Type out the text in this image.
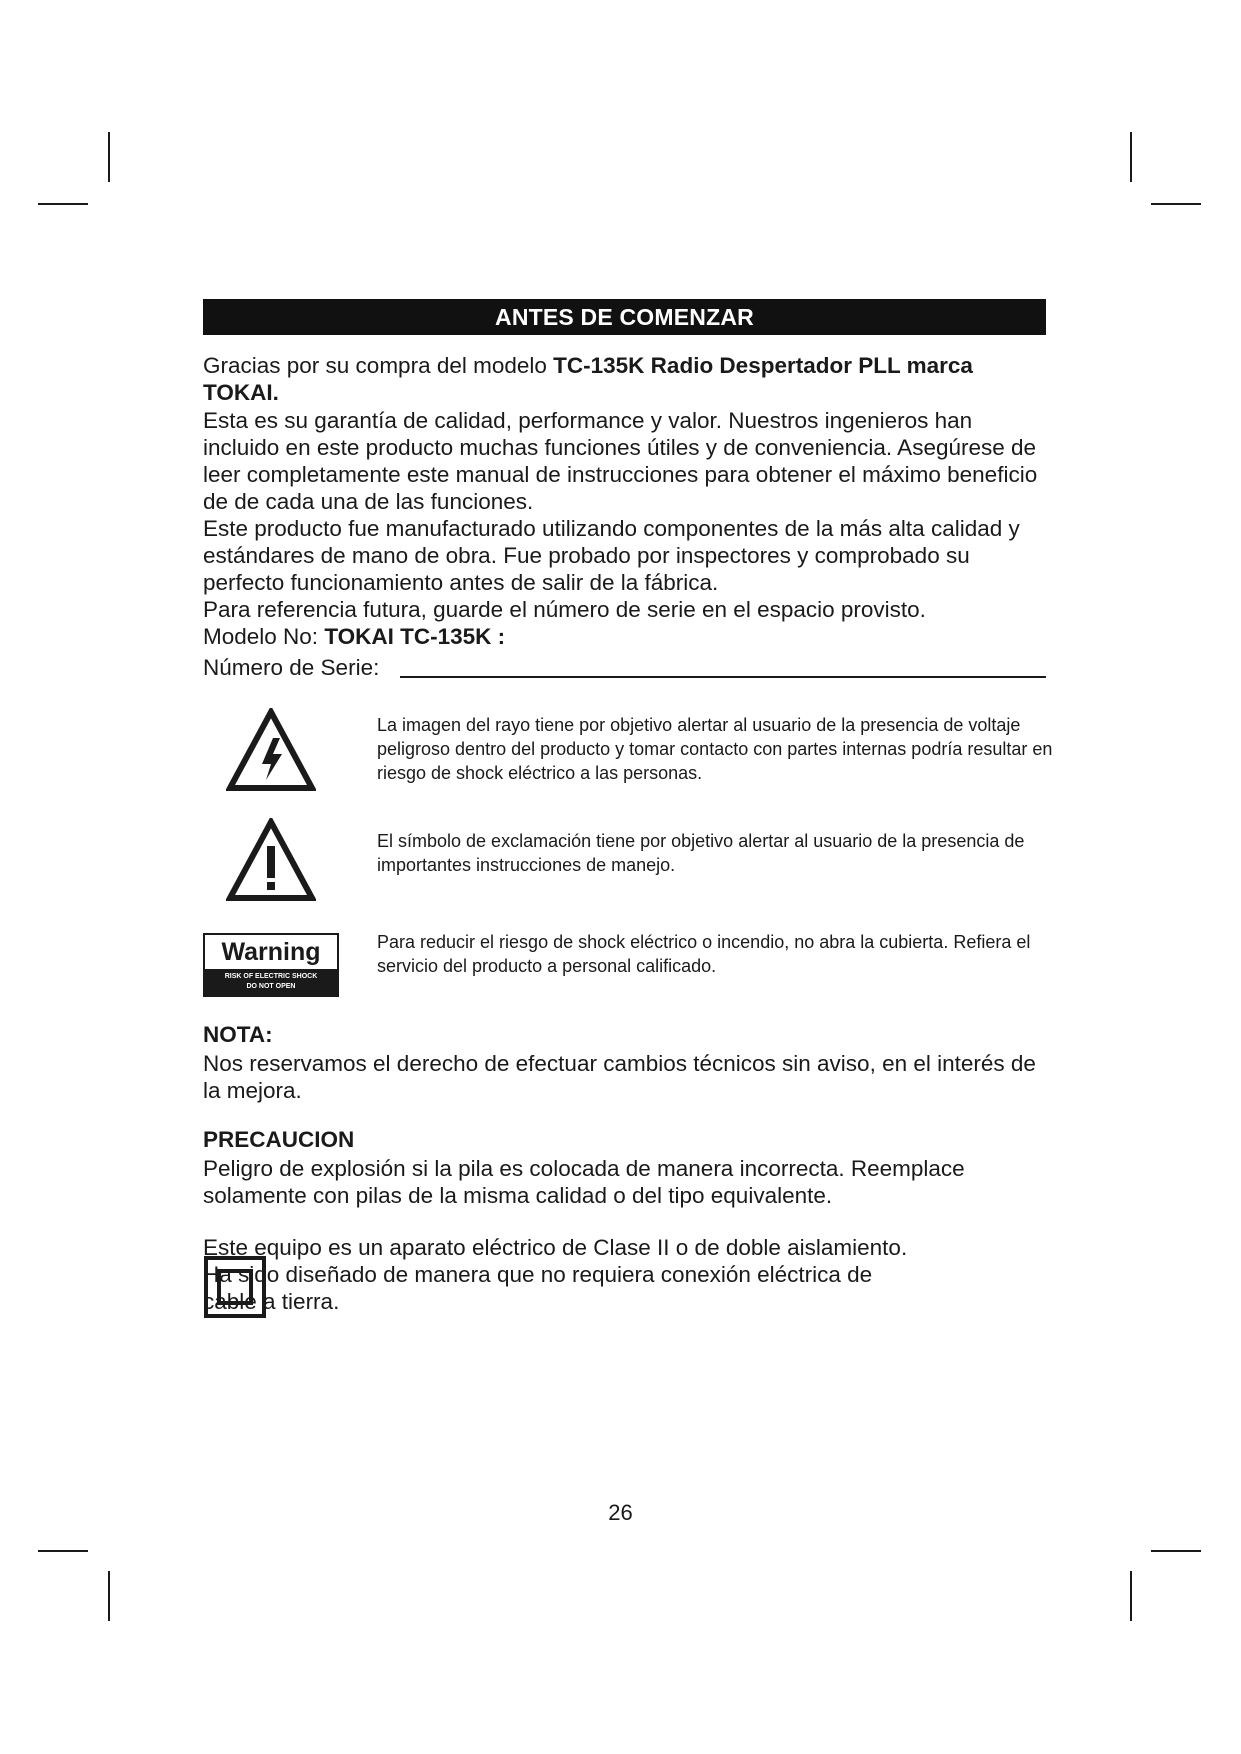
ANTES DE COMENZAR

Gracias por su compra del modelo TC-135K Radio Despertador PLL marca TOKAI.

Esta es su garantía de calidad, performance y valor. Nuestros ingenieros han incluido en este producto muchas funciones útiles y de conveniencia. Asegúrese de leer completamente este manual de instrucciones para obtener el máximo beneficio de de cada una de las funciones.

Este producto fue manufacturado utilizando componentes de la más alta calidad y estándares de mano de obra. Fue probado por inspectores y comprobado su perfecto funcionamiento antes de salir de la fábrica.

Para referencia futura, guarde el número de serie en el espacio provisto.

Modelo No: TOKAI TC-135K :

Número de Serie:

La imagen del rayo tiene por objetivo alertar al usuario de la presencia de voltaje peligroso dentro del producto y tomar contacto con partes internas podría resultar en riesgo de shock eléctrico a las personas.

El símbolo de exclamación tiene por objetivo alertar al usuario de la presencia de importantes instrucciones de manejo.

Warning
RISK OF ELECTRIC SHOCK
DO NOT OPEN

Para reducir el riesgo de shock eléctrico o incendio, no abra la cubierta. Refiera el servicio del producto a personal calificado.

NOTA:

Nos reservamos el derecho de efectuar cambios técnicos sin aviso, en el interés de la mejora.

PRECAUCION

Peligro de explosión si la pila es colocada de manera incorrecta. Reemplace solamente con pilas de la misma calidad o del tipo equivalente.

Este equipo es un aparato eléctrico de Clase II o de doble aislamiento.

Ha sido diseñado de manera que no requiera conexión eléctrica de

cable a tierra.

26
